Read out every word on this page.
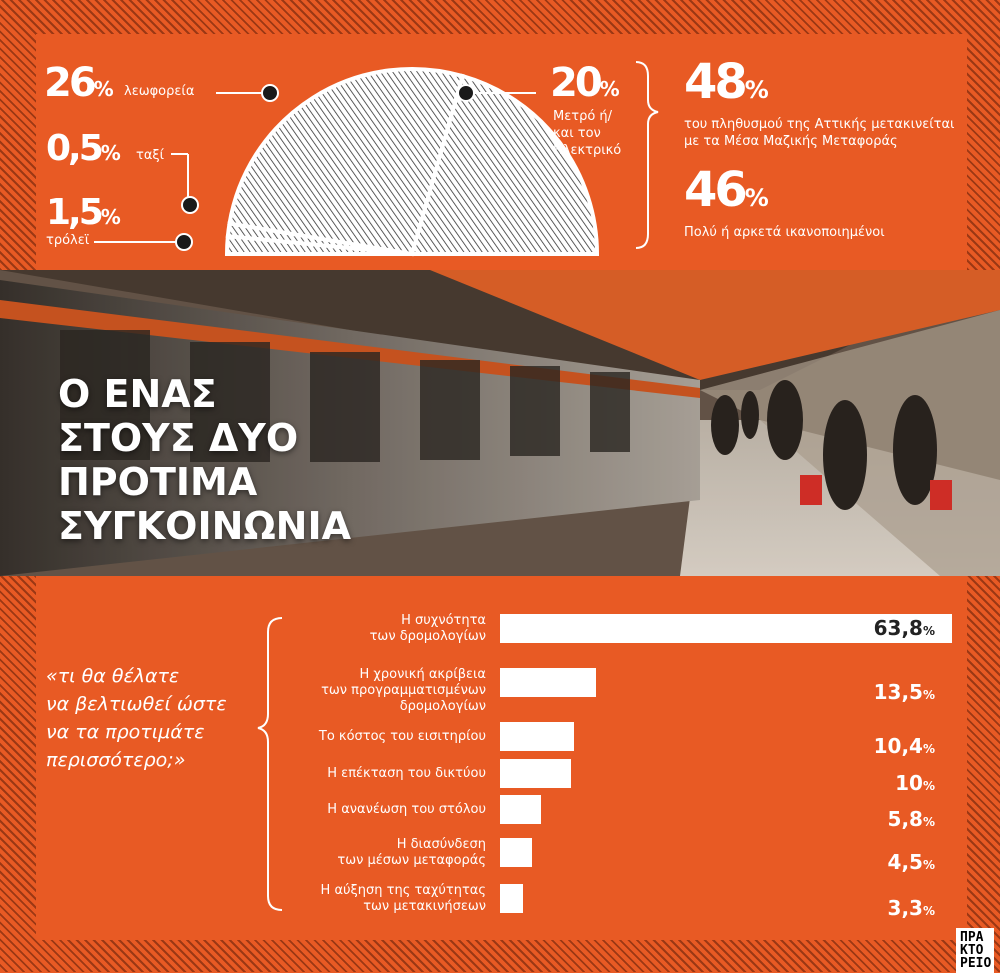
26% λεωφορεία
0,5% ταξί
1,5%
τρόλεϊ
20%
Μετρό ή/
και τον
Ηλεκτρικό
48%
του πληθυσμού της Αττικής μετακινείται
με τα Μέσα Μαζικής Μεταφοράς
46%
Πολύ ή αρκετά ικανοποιημένοι
Ο ΕΝΑΣ
ΣΤΟΥΣ ΔΥΟ
ΠΡΟΤΙΜΑ
ΣΥΓΚΟΙΝΩΝΙΑ
«τι θα θέλατε
να βελτιωθεί ώστε
να τα προτιμάτε
περισσότερο;»
Η συχνότητα
των δρομολογίων	63,8%
Η χρονική ακρίβεια
των προγραμματισμένων
δρομολογίων
13,5%
Το κόστος του εισιτηρίου	10,4%
Η επέκταση του δικτύου	10%
Η ανανέωση του στόλου	5,8%
Η διασύνδεση
των μέσων μεταφοράς	4,5%
Η αύξηση της ταχύτητας
των μετακινήσεων	3,3%
ΠΡΑ
ΚΤΟ
ΡΕΙΟ
